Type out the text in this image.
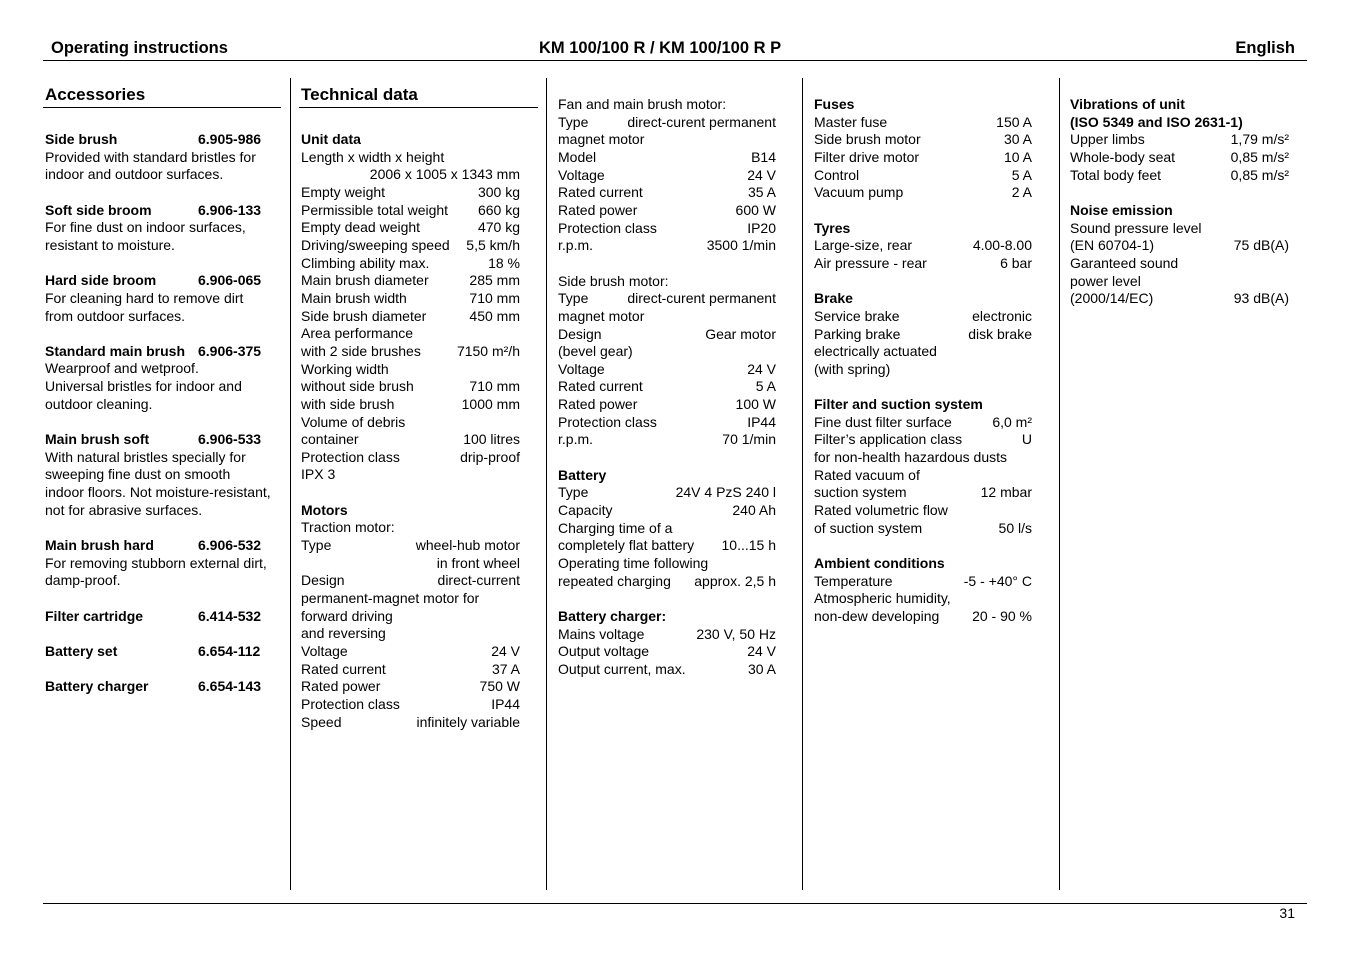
Operating instructions	KM 100/100 R / KM 100/100 R P	English
Accessories
Side brush	6.905-986
Provided with standard bristles for
indoor and outdoor surfaces.
Soft side broom	6.906-133
For fine dust on indoor surfaces,
resistant to moisture.
Hard side broom	6.906-065
For cleaning hard to remove dirt
from outdoor surfaces.
Standard main brush 6.906-375
Wearproof and wetproof.
Universal bristles for indoor and
outdoor cleaning.
Main brush soft	6.906-533
With natural bristles specially for
sweeping fine dust on smooth
indoor floors. Not moisture-resistant,
not for abrasive surfaces.
Main brush hard	6.906-532
For removing stubborn external dirt,
damp-proof.
Filter cartridge	6.414-532
Battery set	6.654-112
Battery charger	6.654-143
Technical data
Unit data
Length x width x height
2006 x 1005 x 1343 mm
Empty weight	300 kg
Permissible total weight 660 kg
Empty dead weight	470 kg
Driving/sweeping speed 5,5 km/h
Climbing ability max.	18 %
Main brush diameter	285 mm
Main brush width	710 mm
Side brush diameter	450 mm
Area performance
with 2 side brushes	7150 m²/h
Working width
without side brush	710 mm
with side brush	1000 mm
Volume of debris
container	100 litres
Protection class	drip-proof
IPX 3
Motors
Traction motor:
Type	wheel-hub motor
in front wheel
Design	direct-current
permanent-magnet motor for
forward driving
and reversing
Voltage	24 V
Rated current	37 A
Rated power	750 W
Protection class	IP44
Speed	infinitely variable
Fan and main brush motor:
Type	direct-curent permanent
magnet motor
Model	B14
Voltage	24 V
Rated current	35 A
Rated power	600 W
Protection class	IP20
r.p.m.	3500 1/min
Side brush motor:
Type	direct-curent permanent
magnet motor
Design	Gear motor
(bevel gear)
Voltage	24 V
Rated current	5 A
Rated power	100 W
Protection class	IP44
r.p.m.	70 1/min
Battery
Type	24V 4 PzS 240 l
Capacity	240 Ah
Charging time of a
completely flat battery 10...15 h
Operating time following
repeated charging approx. 2,5 h
Battery charger:
Mains voltage	230 V, 50 Hz
Output voltage	24 V
Output current, max.	30 A
Fuses
Master fuse	150 A
Side brush motor	30 A
Filter drive motor	10 A
Control	5 A
Vacuum pump	2 A
Tyres
Large-size, rear	4.00-8.00
Air pressure - rear	6 bar
Brake
Service brake	electronic
Parking brake	disk brake
electrically actuated
(with spring)
Filter and suction system
Fine dust filter surface	6,0 m²
Filter’s application class	U
for non-health hazardous dusts
Rated vacuum of
suction system	12 mbar
Rated volumetric flow
of suction system	50 l/s
Ambient conditions
Temperature	-5 - +40° C
Atmospheric humidity,
non-dew developing 20 - 90 %
Vibrations of unit
(ISO 5349 and ISO 2631-1)
Upper limbs	1,79 m/s²
Whole-body seat	0,85 m/s²
Total body feet	0,85 m/s²
Noise emission
Sound pressure level
(EN 60704-1)	75 dB(A)
Garanteed sound
power level
(2000/14/EC)	93 dB(A)
31
